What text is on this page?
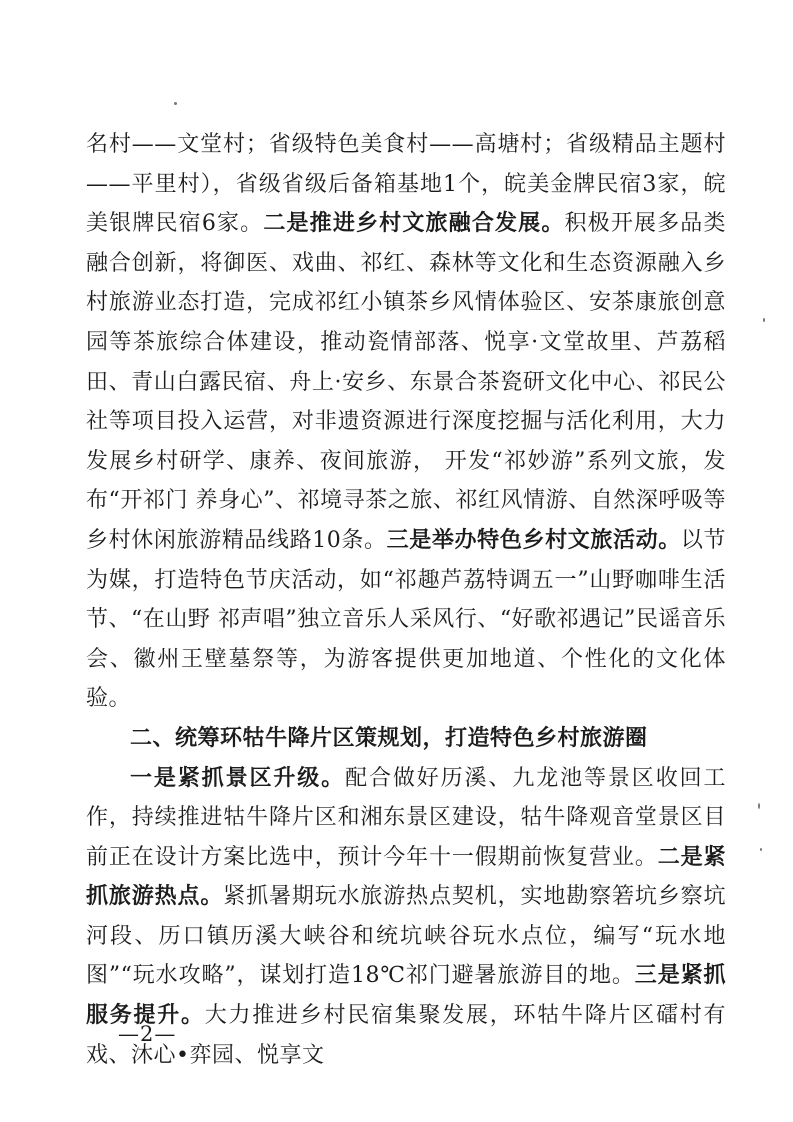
名村——文堂村；省级特色美食村——高塘村；省级精品主题村——平里村），省级省级后备箱基地1个，皖美金牌民宿3家，皖美银牌民宿6家。二是推进乡村文旅融合发展。积极开展多品类融合创新，将御医、戏曲、祁红、森林等文化和生态资源融入乡村旅游业态打造，完成祁红小镇茶乡风情体验区、安茶康旅创意园等茶旅综合体建设，推动瓷情部落、悦享·文堂故里、芦荔稻田、青山白露民宿、舟上·安乡、东景合茶瓷研文化中心、祁民公社等项目投入运营，对非遗资源进行深度挖掘与活化利用，大力发展乡村研学、康养、夜间旅游， 开发“祁妙游”系列文旅，发布“开祁门 养身心”、祁境寻茶之旅、祁红风情游、自然深呼吸等乡村休闲旅游精品线路10条。三是举办特色乡村文旅活动。以节为媒，打造特色节庆活动，如“祁趣芦荔特调五一”山野咖啡生活节、“在山野 祁声唱”独立音乐人采风行、“好歌祁遇记”民谣音乐会、徽州王壁墓祭等，为游客提供更加地道、个性化的文化体验。

二、统筹环牯牛降片区策规划，打造特色乡村旅游圈

一是紧抓景区升级。配合做好历溪、九龙池等景区收回工作，持续推进牯牛降片区和湘东景区建设，牯牛降观音堂景区目前正在设计方案比选中，预计今年十一假期前恢复营业。二是紧抓旅游热点。紧抓暑期玩水旅游热点契机，实地勘察箬坑乡察坑河段、历口镇历溪大峡谷和统坑峡谷玩水点位，编写“玩水地图”“玩水攻略”，谋划打造18℃祁门避暑旅游目的地。三是紧抓服务提升。大力推进乡村民宿集聚发展，环牯牛降片区礌村有戏、沐心•弈园、悦享文

—2—
